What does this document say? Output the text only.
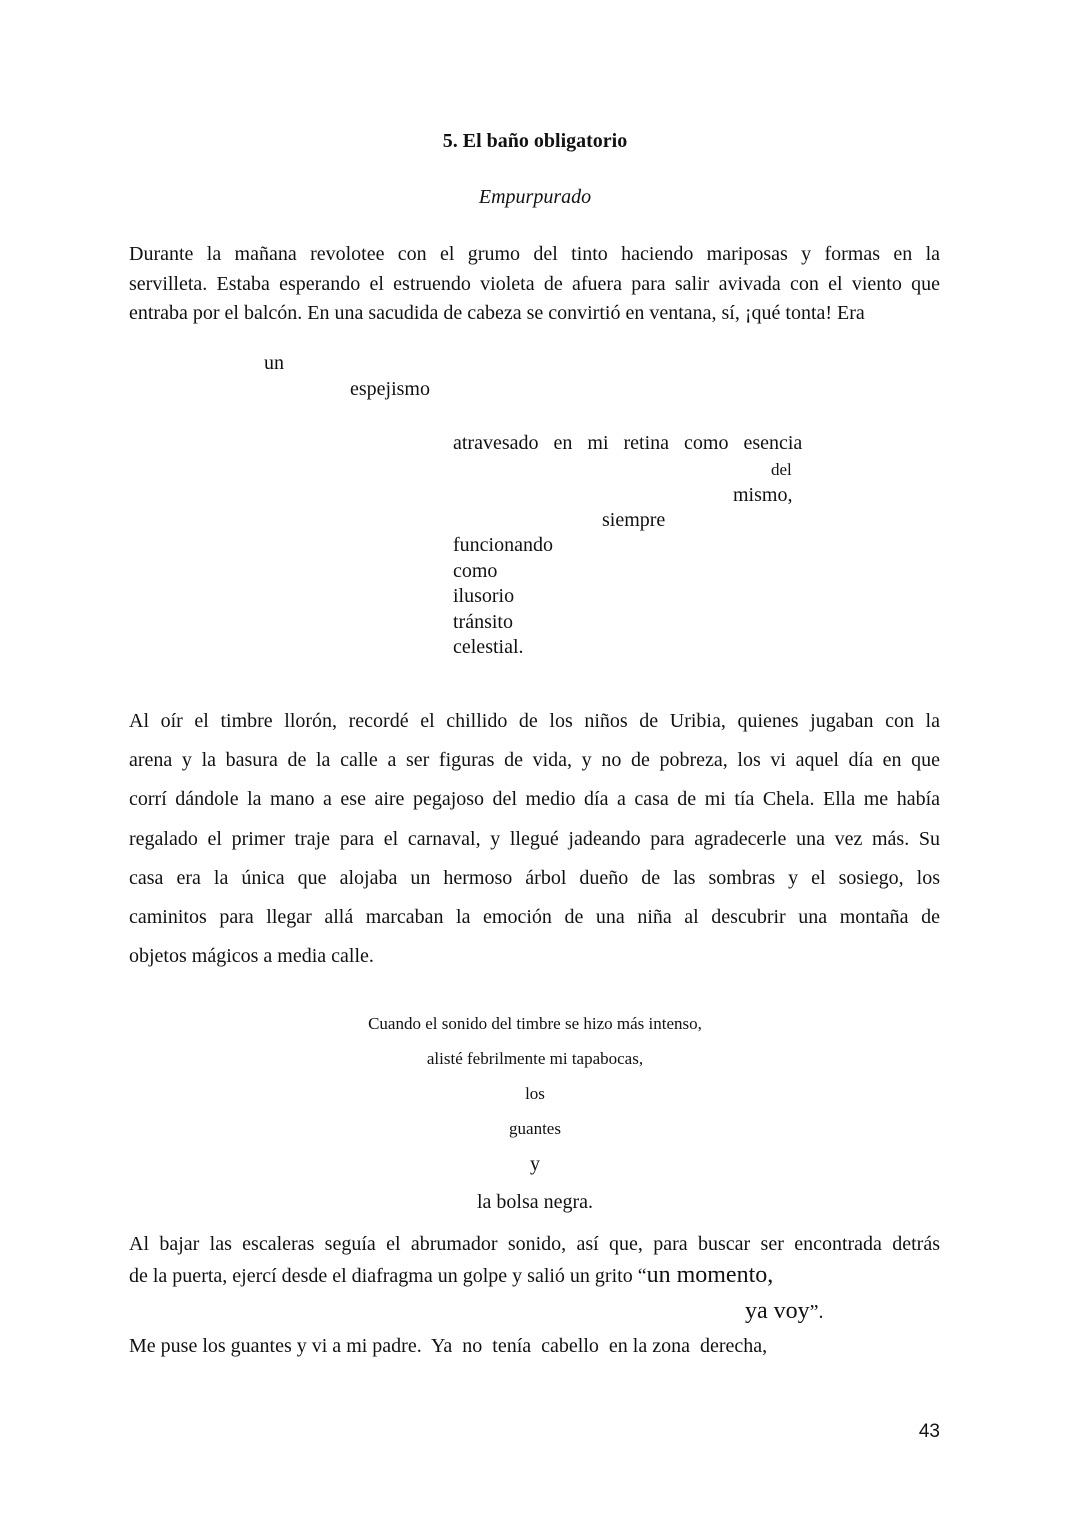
5. El baño obligatorio
Empurpurado
Durante la mañana revolotee con el grumo del tinto haciendo mariposas y formas en la
servilleta. Estaba esperando el estruendo violeta de afuera para salir avivada con el viento que
entraba por el balcón. En una sacudida de cabeza se convirtió en ventana, sí, ¡qué tonta! Era
un
espejismo
atravesado   en   mi   retina   como   esencia
del
mismo,
siempre
funcionando
como
ilusorio
tránsito
celestial.
Al oír el timbre llorón, recordé el chillido de los niños de Uribia, quienes jugaban con la
arena y la basura de la calle a ser figuras de vida, y no de pobreza, los vi aquel día en que
corrí dándole la mano a ese aire pegajoso del medio día a casa de mi tía Chela. Ella me había
regalado el primer traje para el carnaval, y llegué jadeando para agradecerle una vez más. Su
casa era la única que alojaba un hermoso árbol dueño de las sombras y el sosiego, los
caminitos para llegar allá marcaban la emoción de una niña al descubrir una montaña de
objetos mágicos a media calle.
Cuando el sonido del timbre se hizo más intenso,
alisté febrilmente mi tapabocas,
los
guantes
y
la bolsa negra.
Al bajar las escaleras seguía el abrumador sonido, así que, para buscar ser encontrada detrás
de la puerta, ejercí desde el diafragma un golpe y salió un grito “un momento,
ya voy”.
Me puse los guantes y vi a mi padre.  Ya  no  tenía  cabello  en la zona  derecha,
43
